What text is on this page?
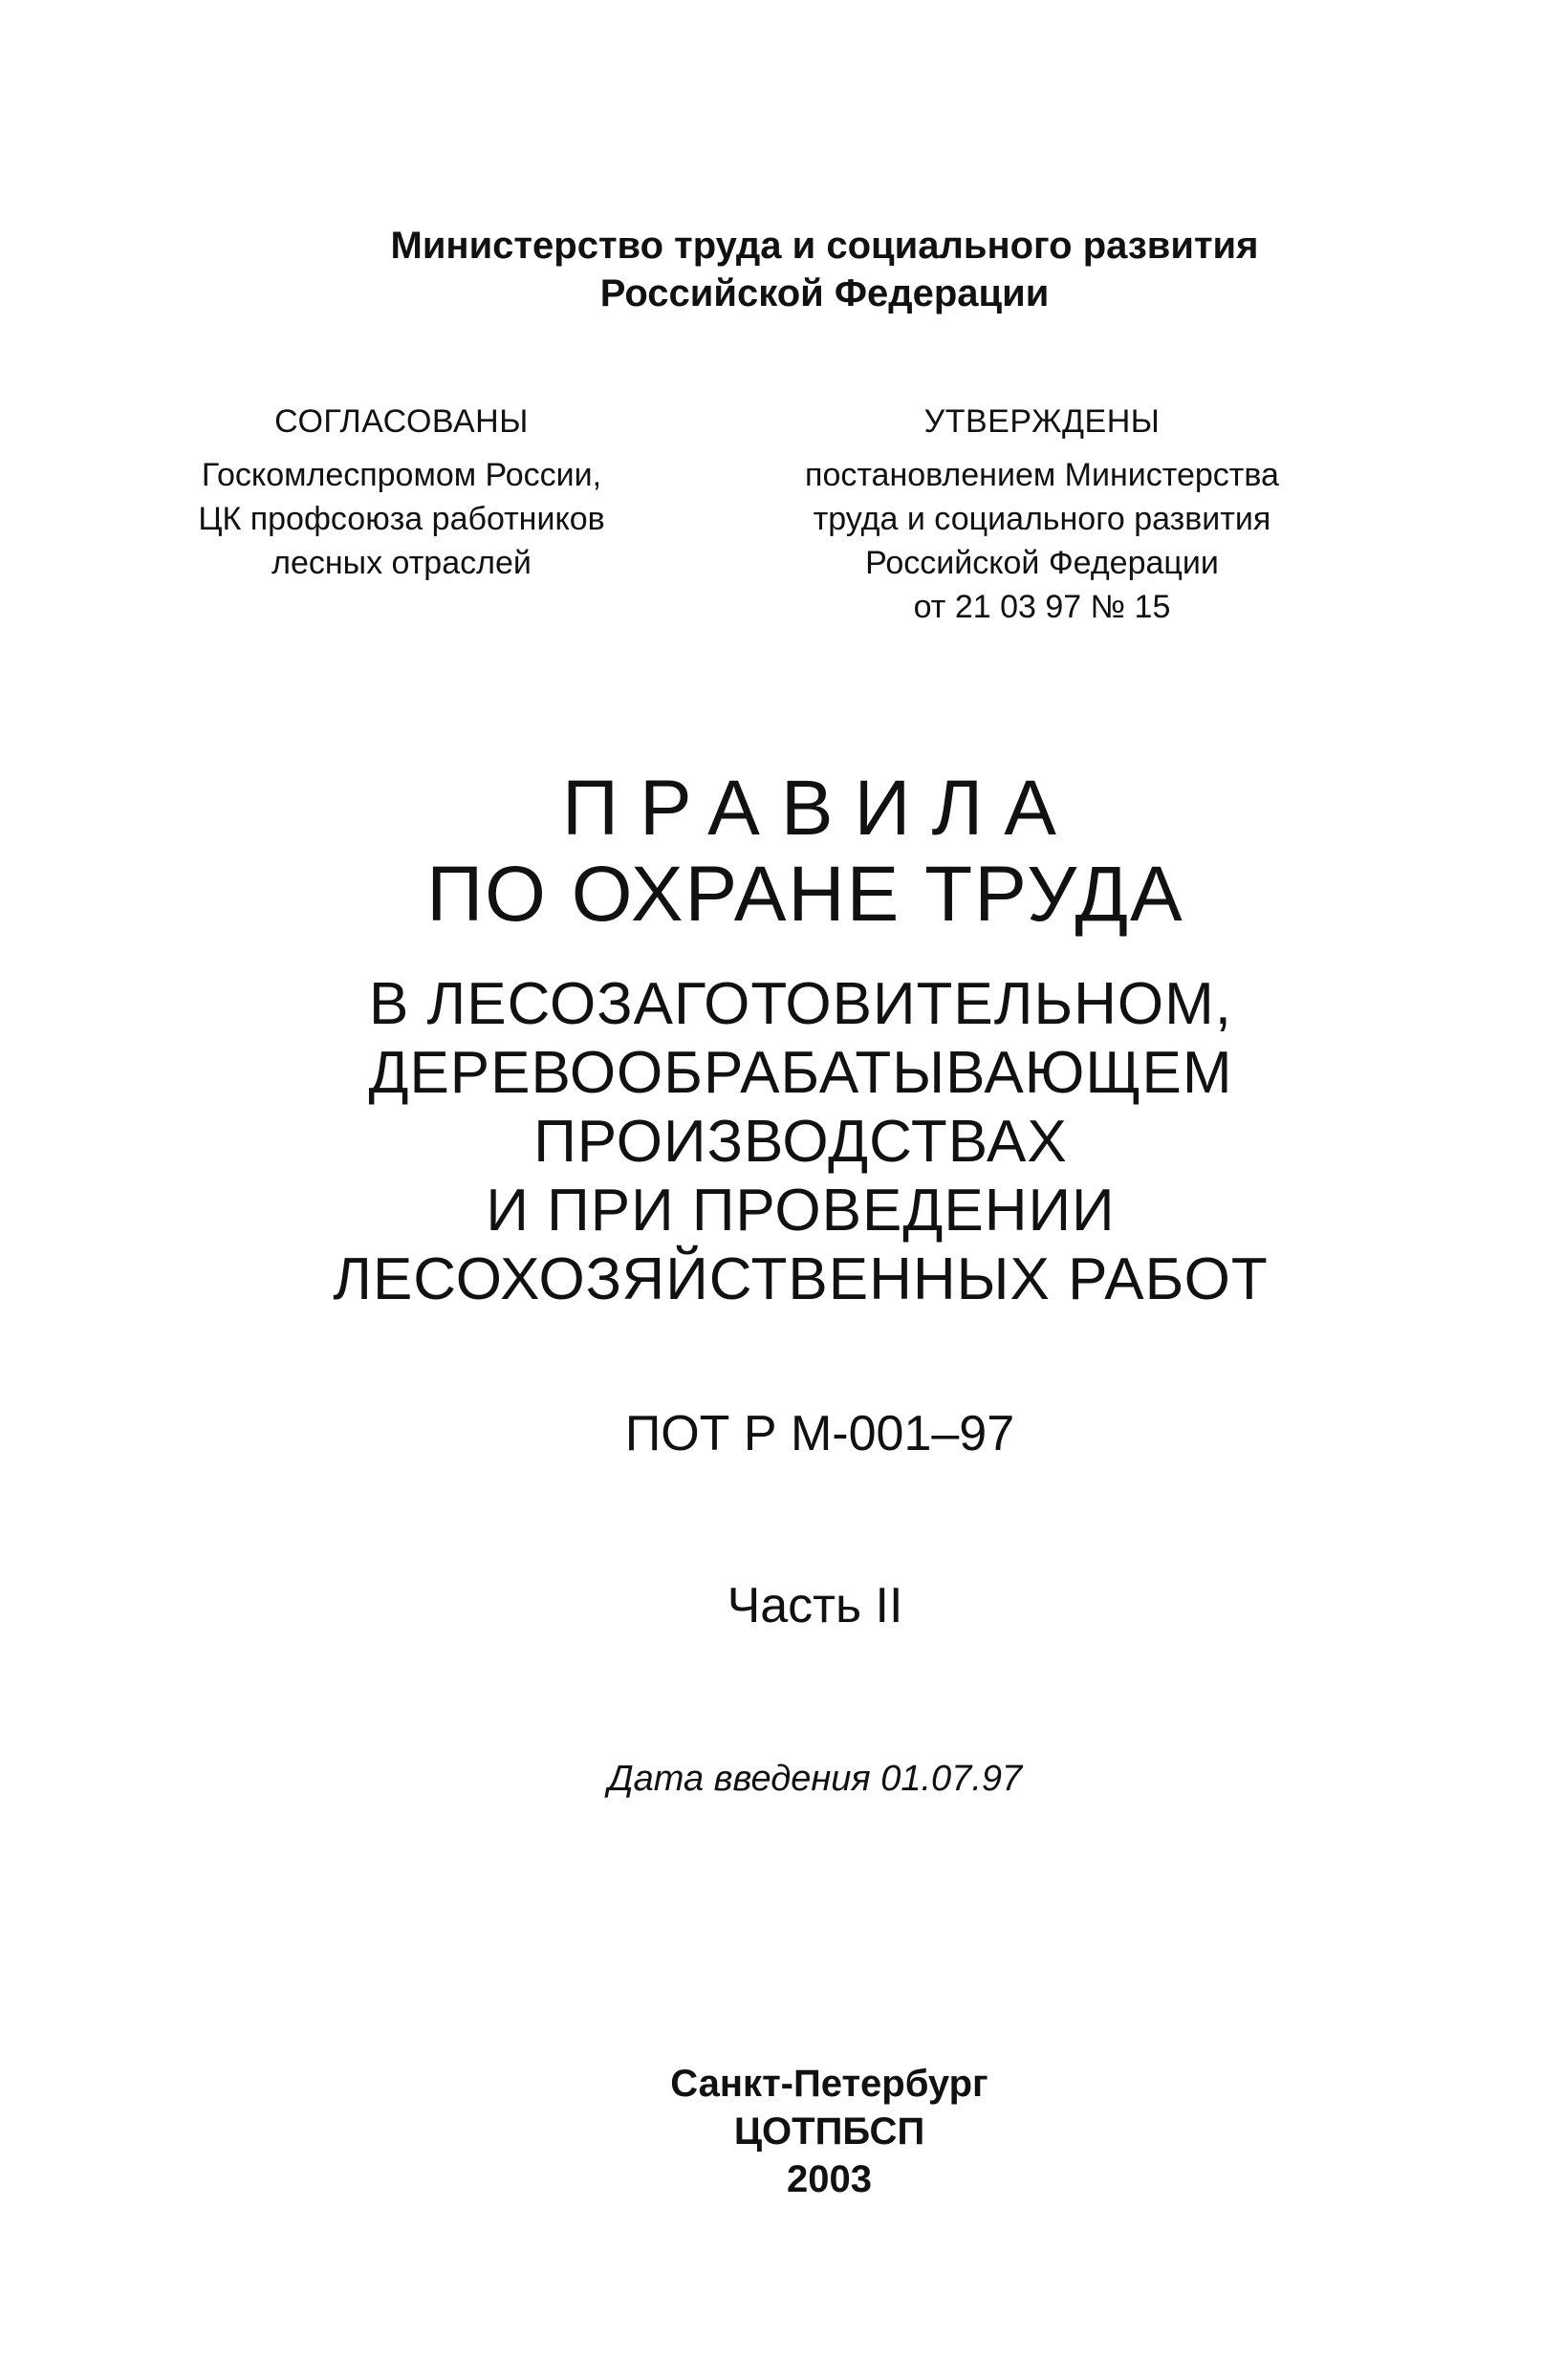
Министерство труда и социального развития
Российской Федерации
СОГЛАСОВАНЫ
Госкомлеспромом России,
ЦК профсоюза работников
лесных отраслей
УТВЕРЖДЕНЫ
постановлением Министерства
труда и социального развития
Российской Федерации
от 21 03 97 № 15
ПРАВИЛА
ПО ОХРАНЕ ТРУДА
В ЛЕСОЗАГОТОВИТЕЛЬНОМ,
ДЕРЕВООБРАБАТЫВАЮЩЕМ
ПРОИЗВОДСТВАХ
И ПРИ ПРОВЕДЕНИИ
ЛЕСОХОЗЯЙСТВЕННЫХ РАБОТ
ПОТ Р М-001–97
Часть II
Дата введения 01.07.97
Санкт-Петербург
ЦОТПБСП
2003
